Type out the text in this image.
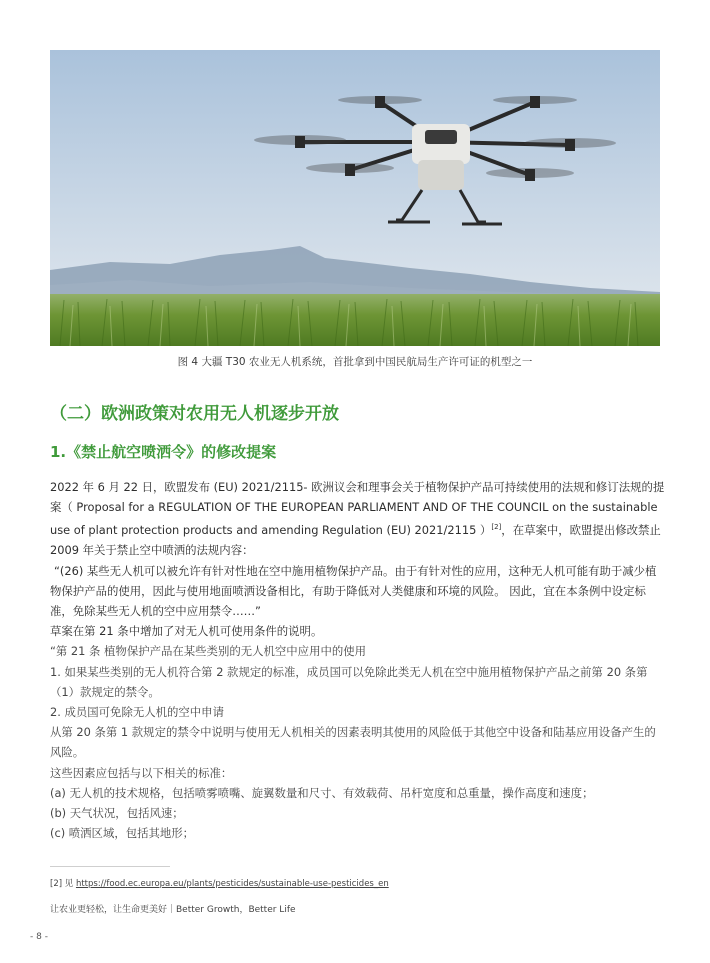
图 4 大疆 T30 农业无人机系统，首批拿到中国民航局生产许可证的机型之一
（二）欧洲政策对农用无人机逐步开放
1.《禁止航空喷洒令》的修改提案

2022 年 6 月 22 日，欧盟发布 (EU) 2021/2115- 欧洲议会和理事会关于植物保护产品可持续使用的法规和修订法规的提案（ Proposal for a REGULATION OF THE EUROPEAN PARLIAMENT AND OF THE COUNCIL on the sustainable use of plant protection products and amending Regulation (EU) 2021/2115 ）[2]，在草案中，欧盟提出修改禁止 2009 年关于禁止空中喷洒的法规内容：

“(26) 某些无人机可以被允许有针对性地在空中施用植物保护产品。由于有针对性的应用，这种无人机可能有助于减少植物保护产品的使用，因此与使用地面喷洒设备相比，有助于降低对人类健康和环境的风险。 因此，宜在本条例中设定标准，免除某些无人机的空中应用禁令……”

草案在第 21 条中增加了对无人机可使用条件的说明。

“第 21 条 植物保护产品在某些类别的无人机空中应用中的使用

1. 如果某些类别的无人机符合第 2 款规定的标准，成员国可以免除此类无人机在空中施用植物保护产品之前第 20 条第（1）款规定的禁令。

2. 成员国可免除无人机的空中申请

从第 20 条第 1 款规定的禁令中说明与使用无人机相关的因素表明其使用的风险低于其他空中设备和陆基应用设备产生的风险。

这些因素应包括与以下相关的标准：

(a) 无人机的技术规格，包括喷雾喷嘴、旋翼数量和尺寸、有效载荷、吊杆宽度和总重量，操作高度和速度；

(b) 天气状况，包括风速；

(c) 喷洒区域，包括其地形；

[2] 见 https://food.ec.europa.eu/plants/pesticides/sustainable-use-pesticides_en
让农业更轻松，让生命更美好｜Better Growth，Better Life
- 8 -
